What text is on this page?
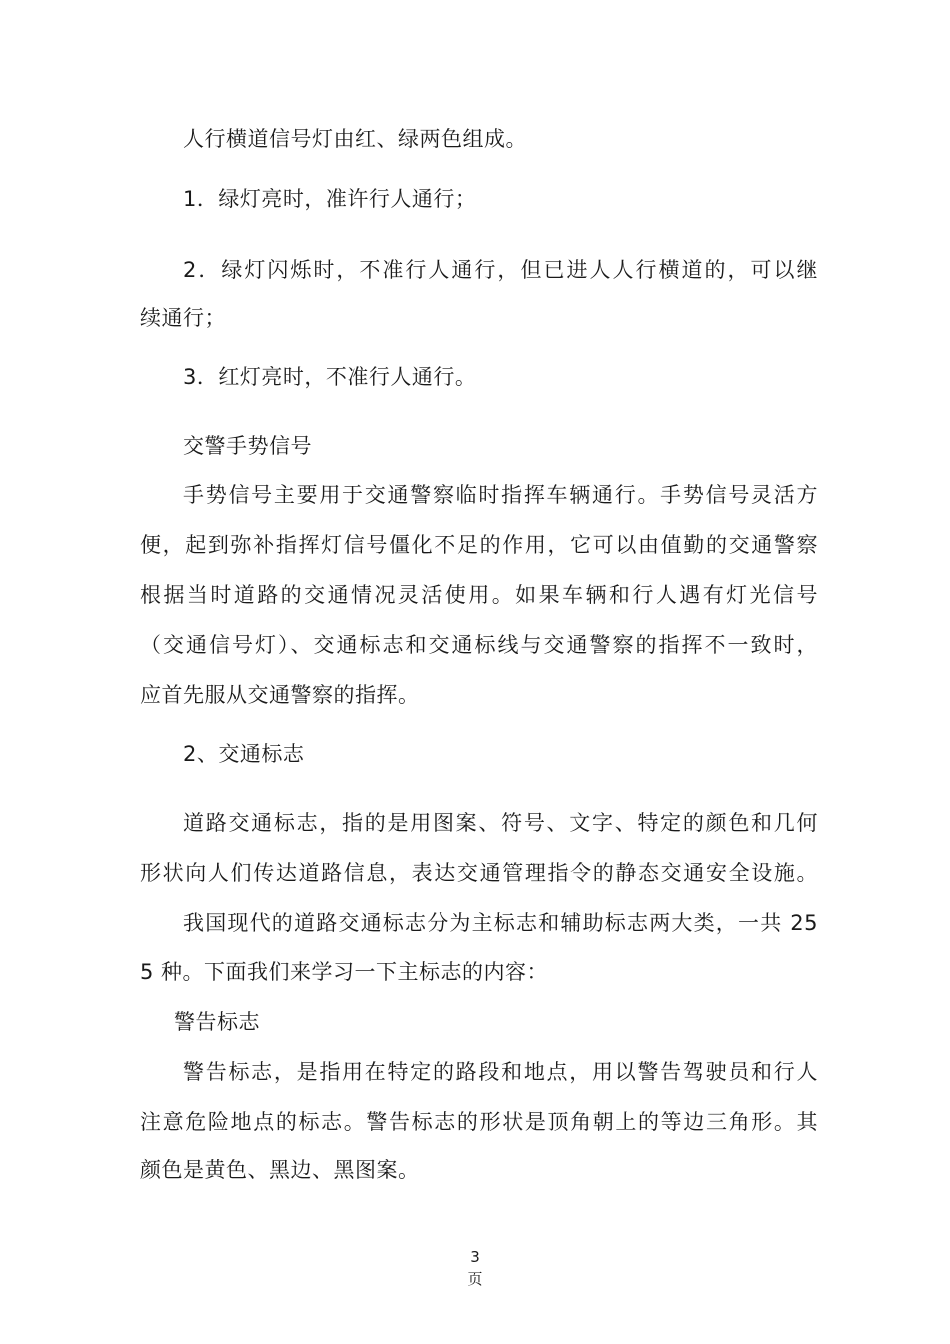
人行横道信号灯由红、绿两色组成。
1．绿灯亮时，准许行人通行；
2．绿灯闪烁时，不准行人通行，但已进人人行横道的，可以继
续通行；
3．红灯亮时，不准行人通行。
交警手势信号
手势信号主要用于交通警察临时指挥车辆通行。手势信号灵活方
便，起到弥补指挥灯信号僵化不足的作用，它可以由值勤的交通警察
根据当时道路的交通情况灵活使用。如果车辆和行人遇有灯光信号
（交通信号灯）、交通标志和交通标线与交通警察的指挥不一致时，
应首先服从交通警察的指挥。
2、交通标志
道路交通标志，指的是用图案、符号、文字、特定的颜色和几何
形状向人们传达道路信息，表达交通管理指令的静态交通安全设施。
我国现代的道路交通标志分为主标志和辅助标志两大类，一共 25
5 种。下面我们来学习一下主标志的内容：
警告标志
警告标志，是指用在特定的路段和地点，用以警告驾驶员和行人
注意危险地点的标志。警告标志的形状是顶角朝上的等边三角形。其
颜色是黄色、黑边、黑图案。
3
页
